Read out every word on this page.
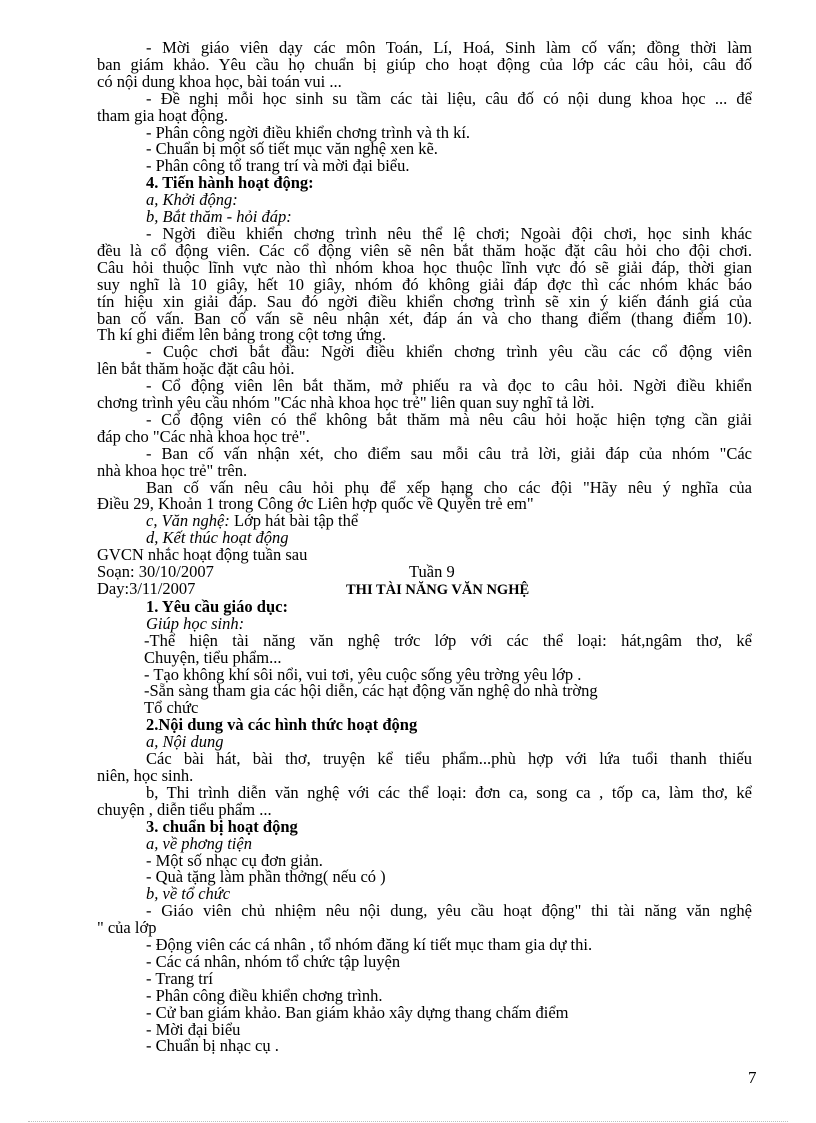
- Mời giáo viên dạy các môn Toán, Lí, Hoá, Sinh làm cố vấn; đồng thời làm
ban giám khảo. Yêu cầu họ chuẩn bị giúp cho hoạt động của lớp các câu hỏi, câu đố
có nội dung khoa học, bài toán vui ...
- Đề nghị mỗi học sinh su tầm các tài liệu, câu đố có nội dung khoa học ... để
tham gia hoạt động.
- Phân công ngời điều khiển chơng trình và th kí.
- Chuẩn bị một số tiết mục văn nghệ xen kẽ.
- Phân công tổ trang trí và mời đại biểu.
4. Tiến hành hoạt động:
a, Khởi động:
b, Bắt thăm - hỏi đáp:
- Ngời điều khiển chơng trình nêu thể lệ chơi; Ngoài đội chơi, học sinh khác
đều là cổ động viên. Các cổ động viên sẽ nên bắt thăm hoặc đặt câu hỏi cho đội chơi.
Câu hỏi thuộc lĩnh vực nào thì nhóm khoa học thuộc lĩnh vực đó sẽ giải đáp, thời gian
suy nghĩ là 10 giây, hết 10 giây, nhóm đó không giải đáp đợc thì các nhóm khác báo
tín hiệu xin giải đáp. Sau đó ngời điều khiển chơng trình sẽ xin ý kiến đánh giá của
ban cố vấn. Ban cố vấn sẽ nêu nhận xét, đáp án và cho thang điểm (thang điểm 10).
Th kí ghi điểm lên bảng trong cột tơng ứng.
- Cuộc chơi bắt đầu: Ngời điều khiển chơng trình yêu cầu các cổ động viên
lên bắt thăm hoặc đặt câu hỏi.
- Cổ động viên lên bắt thăm, mở phiếu ra và đọc to câu hỏi. Ngời điều khiển
chơng trình yêu cầu nhóm "Các nhà khoa học trẻ" liên quan suy nghĩ tả lời.
- Cổ động viên có thể không bắt thăm mà nêu câu hỏi hoặc hiện tợng cần giải
đáp cho "Các nhà khoa học trẻ".
- Ban cố vấn nhận xét, cho điểm sau mỗi câu trả lời, giải đáp của nhóm "Các
nhà khoa học trẻ" trên.
Ban cố vấn nêu câu hỏi phụ để xếp hạng cho các đội "Hãy nêu ý nghĩa của
Điều 29, Khoản 1 trong Công ớc Liên hợp quốc về Quyền trẻ em"
c, Văn nghệ: Lớp hát bài tập thể
d, Kết thúc hoạt động
GVCN nhắc hoạt động tuần sau
Soạn: 30/10/2007	Tuần 9
Day:3/11/2007	THI TÀI NĂNG VĂN NGHỆ
1. Yêu cầu giáo dục:
Giúp học sinh:
-Thể hiện tài năng văn nghệ trớc lớp với các thể loại: hát,ngâm thơ, kể
Chuyện, tiểu phẩm...
- Tạo không khí sôi nổi, vui tơi, yêu cuộc sống yêu trờng yêu lớp .
-Sẵn sàng tham gia các hội diễn, các hạt động văn nghệ do nhà trờng
Tổ chức
2.Nội dung và các hình thức hoạt động
a, Nội dung
Các bài hát, bài thơ, truyện kể tiểu phẩm...phù hợp với lứa tuổi thanh thiếu
niên, học sinh.
b, Thi trình diễn văn nghệ với các thể loại: đơn ca, song ca , tốp ca, làm thơ, kể
chuyện , diễn tiểu phẩm ...
3. chuẩn bị hoạt động
a, về phơng tiện
- Một số nhạc cụ đơn giản.
- Quà tặng làm phần thởng( nếu có )
b, về tổ chức
- Giáo viên chủ nhiệm nêu nội dung, yêu cầu hoạt động" thi tài năng văn nghệ
" của lớp
- Động viên các cá nhân , tổ nhóm đăng kí tiết mục tham gia dự thi.
- Các cá nhân, nhóm tổ chức tập luyện
- Trang trí
- Phân công điều khiển chơng trình.
- Cử ban giám khảo. Ban giám khảo xây dựng thang chấm điểm
- Mời đại biểu
- Chuẩn bị nhạc cụ .
7
